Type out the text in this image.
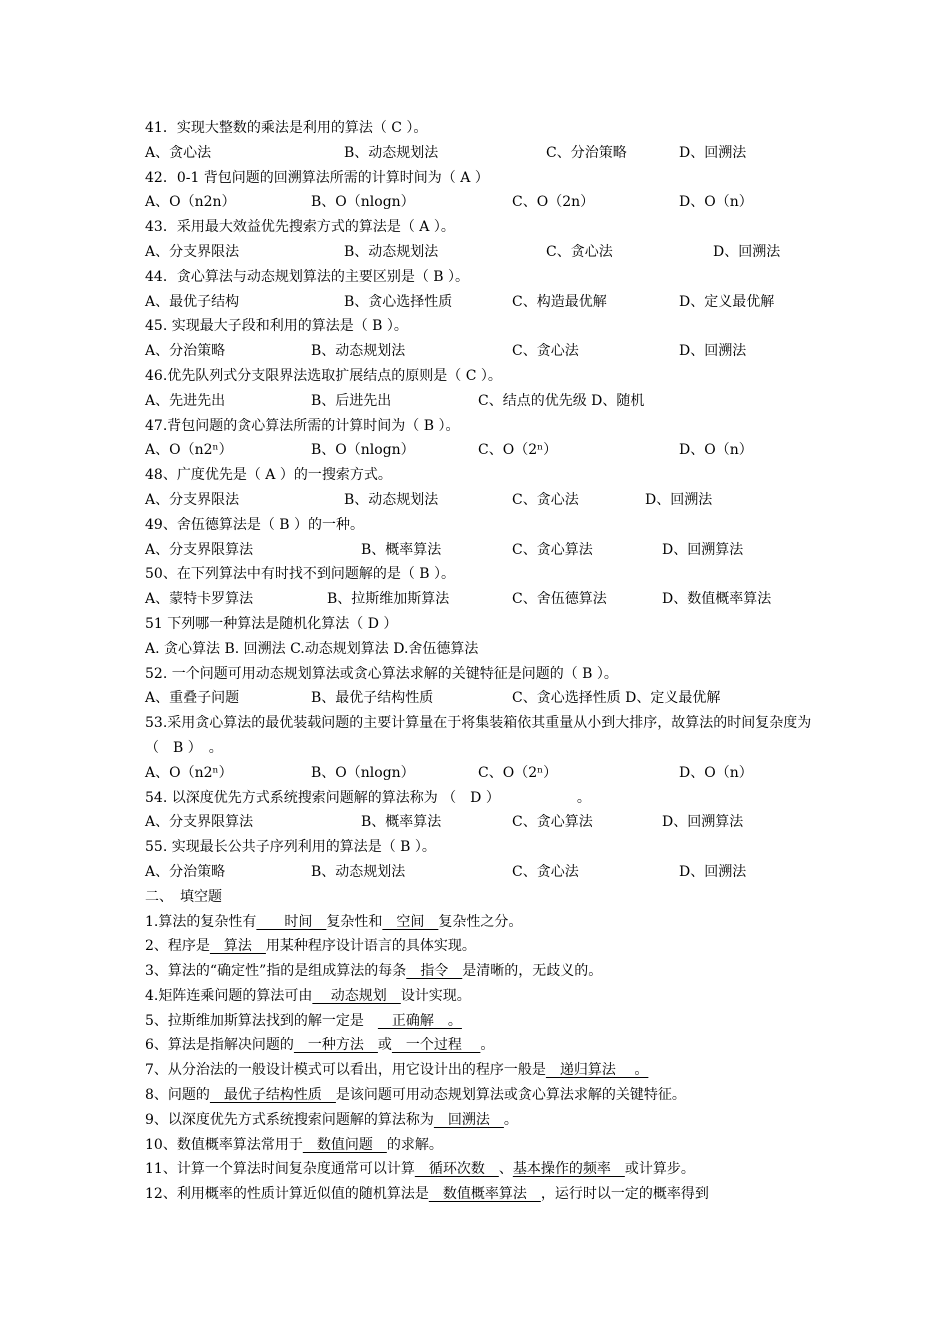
41．实现大整数的乘法是利用的算法（ C ）。
A、贪心法	B、动态规划法	C、分治策略	D、回溯法
42．0-1 背包问题的回溯算法所需的计算时间为（ A ）
A、O（n2n）	B、O（nlogn）	C、O（2n）	D、O（n）
43．采用最大效益优先搜索方式的算法是（ A ）。
A、分支界限法	B、动态规划法	C、贪心法	D、回溯法
44．贪心算法与动态规划算法的主要区别是（ B ）。
A、最优子结构	B、贪心选择性质	C、构造最优解	D、定义最优解
45. 实现最大子段和利用的算法是（ B ）。
A、分治策略	B、动态规划法	C、贪心法	D、回溯法
46.优先队列式分支限界法选取扩展结点的原则是（ C ）。
A、先进先出	B、后进先出	C、结点的优先级 D、随机
47.背包问题的贪心算法所需的计算时间为（ B ）。
A、O（n2ⁿ）	B、O（nlogn）	C、O（2ⁿ）	D、O（n）
48、广度优先是（ A ）的一搜索方式。
A、分支界限法	B、动态规划法	C、贪心法	D、回溯法
49、舍伍德算法是（ B ）的一种。
A、分支界限算法	B、概率算法	C、贪心算法	D、回溯算法
50、在下列算法中有时找不到问题解的是（ B ）。
A、蒙特卡罗算法	B、拉斯维加斯算法	C、舍伍德算法	D、数值概率算法
51 下列哪一种算法是随机化算法（ D ）
A. 贪心算法 B. 回溯法 C.动态规划算法 D.舍伍德算法
52. 一个问题可用动态规划算法或贪心算法求解的关键特征是问题的（ B ）。
A、重叠子问题	B、最优子结构性质	C、贪心选择性质 D、定义最优解
53.采用贪心算法的最优装载问题的主要计算量在于将集装箱依其重量从小到大排序，故算法的时间复杂度为（　B ）　。
A、O（n2ⁿ）	B、O（nlogn）	C、O（2ⁿ）	D、O（n）
54. 以深度优先方式系统搜索问题解的算法称为 （　D ）　　　　　　。
A、分支界限算法	B、概率算法	C、贪心算法	D、回溯算法
55. 实现最长公共子序列利用的算法是（ B ）。
A、分治策略	B、动态规划法	C、贪心法	D、回溯法
二、　填空题
1.算法的复杂性有　　时间　复杂性和　空间　复杂性之分。
2、程序是　算法　用某种程序设计语言的具体实现。
3、算法的“确定性”指的是组成算法的每条　指令　是清晰的，无歧义的。
4.矩阵连乘问题的算法可由　 动态规划　设计实现。
5、拉斯维加斯算法找到的解一定是　　正确解　。
6、算法是指解决问题的　一种方法　或　一个过程　 。
7、从分治法的一般设计模式可以看出，用它设计出的程序一般是　递归算法　 。
8、问题的　最优子结构性质　是该问题可用动态规划算法或贪心算法求解的关键特征。
9、以深度优先方式系统搜索问题解的算法称为　回溯法　。
10、数值概率算法常用于　数值问题　的求解。
11、计算一个算法时间复杂度通常可以计算　循环次数　、基本操作的频率　或计算步。
12、利用概率的性质计算近似值的随机算法是　数值概率算法　，运行时以一定的概率得到
